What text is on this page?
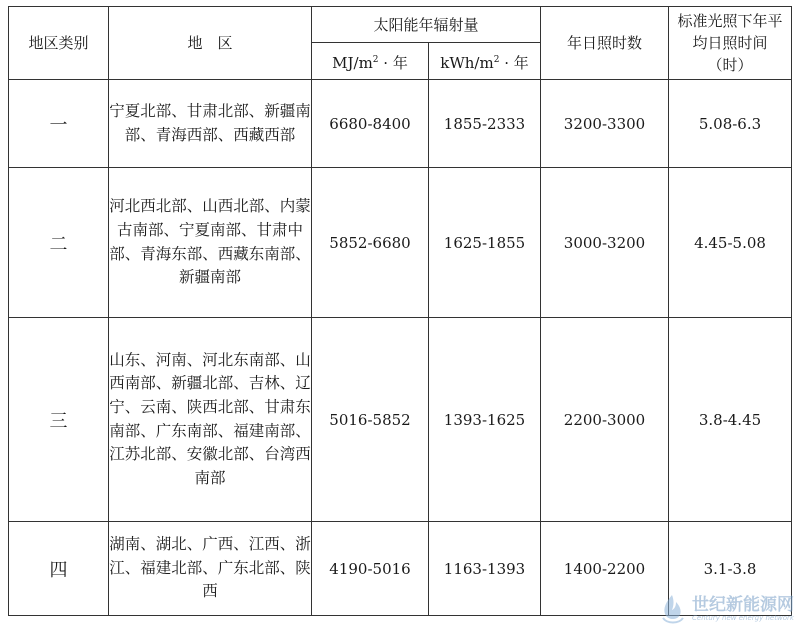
地区类别	地　区	太阳能年辐射量		年日照时数	标准光照下年平均日照时间（时）
		$MJ/m^2$ · 年	kWh/$m^2$ · 年		
一	宁夏北部、甘肃北部、新疆南部、青海西部、西藏西部	6680-8400	1855-2333	3200-3300	5.08-6.3
二	河北西北部、山西北部、内蒙古南部、宁夏南部、甘肃中部、青海东部、西藏东南部、新疆南部	5852-6680	1625-1855	3000-3200	4.45-5.08
三	山东、河南、河北东南部、山西南部、新疆北部、吉林、辽宁、云南、陕西北部、甘肃东南部、广东南部、福建南部、江苏北部、安徽北部、台湾西南部	5016-5852	1393-1625	2200-3000	3.8-4.45
四	湖南、湖北、广西、江西、浙江、福建北部、广东北部、陕西	4190-5016	1163-1393	1400-2200	3.1-3.8
世纪新能源网
Century new energy network
